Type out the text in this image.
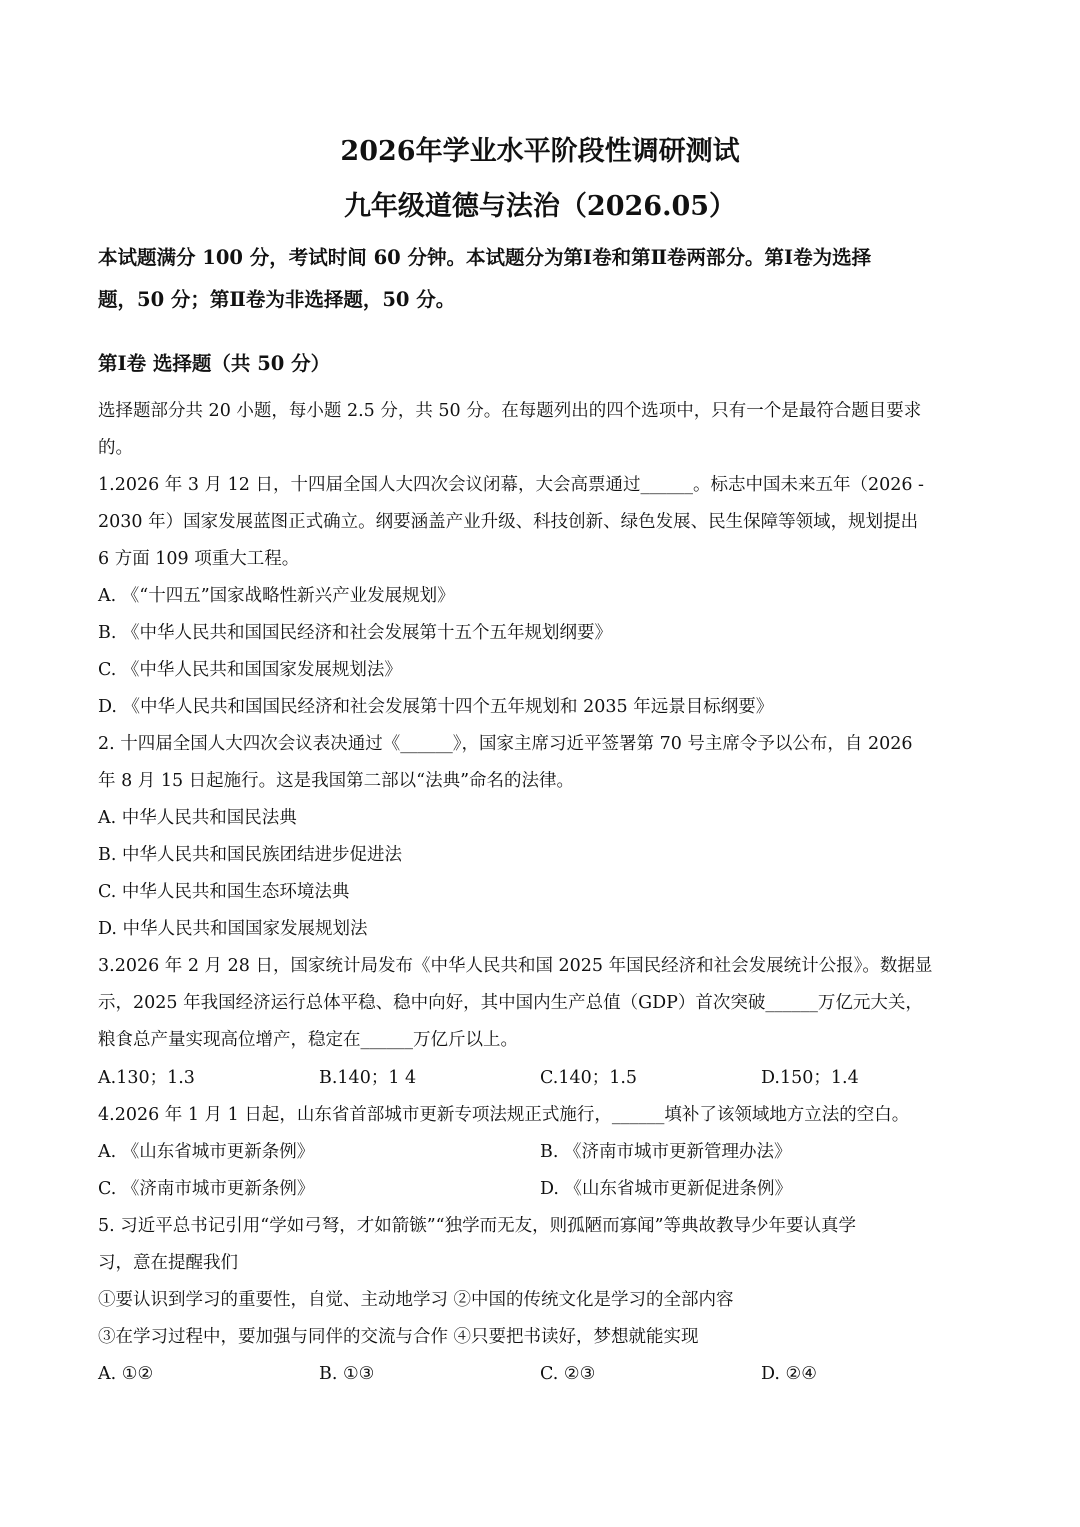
2026年学业水平阶段性调研测试
九年级道德与法治（2026.05）

本试题满分 100 分，考试时间 60 分钟。本试题分为第Ⅰ卷和第Ⅱ卷两部分。第Ⅰ卷为选择

题，50 分；第Ⅱ卷为非选择题，50 分。

第Ⅰ卷 选择题（共 50 分）

选择题部分共 20 小题，每小题 2.5 分，共 50 分。在每题列出的四个选项中，只有一个是最符合题目要求

的。

1.2026 年 3 月 12 日，十四届全国人大四次会议闭幕，大会高票通过______。标志中国未来五年（2026 -

2030 年）国家发展蓝图正式确立。纲要涵盖产业升级、科技创新、绿色发展、民生保障等领域，规划提出

6 方面 109 项重大工程。

A. 《“十四五”国家战略性新兴产业发展规划》

B. 《中华人民共和国国民经济和社会发展第十五个五年规划纲要》

C. 《中华人民共和国国家发展规划法》

D. 《中华人民共和国国民经济和社会发展第十四个五年规划和 2035 年远景目标纲要》

2. 十四届全国人大四次会议表决通过《______》，国家主席习近平签署第 70 号主席令予以公布，自 2026

年 8 月 15 日起施行。这是我国第二部以“法典”命名的法律。

A. 中华人民共和国民法典

B. 中华人民共和国民族团结进步促进法

C. 中华人民共和国生态环境法典

D. 中华人民共和国国家发展规划法

3.2026 年 2 月 28 日，国家统计局发布《中华人民共和国 2025 年国民经济和社会发展统计公报》。数据显

示，2025 年我国经济运行总体平稳、稳中向好，其中国内生产总值（GDP）首次突破______万亿元大关，

粮食总产量实现高位增产，稳定在______万亿斤以上。

A.130；1.3	B.140；1 4	C.140；1.5	D.150；1.4

4.2026 年 1 月 1 日起，山东省首部城市更新专项法规正式施行，______填补了该领域地方立法的空白。

A. 《山东省城市更新条例》	B. 《济南市城市更新管理办法》

C. 《济南市城市更新条例》	D. 《山东省城市更新促进条例》

5. 习近平总书记引用“学如弓弩，才如箭镞”“独学而无友，则孤陋而寡闻”等典故教导少年要认真学

习，意在提醒我们

①要认识到学习的重要性，自觉、主动地学习 ②中国的传统文化是学习的全部内容

③在学习过程中，要加强与同伴的交流与合作 ④只要把书读好，梦想就能实现

A. ①②	B. ①③	C. ②③	D. ②④
